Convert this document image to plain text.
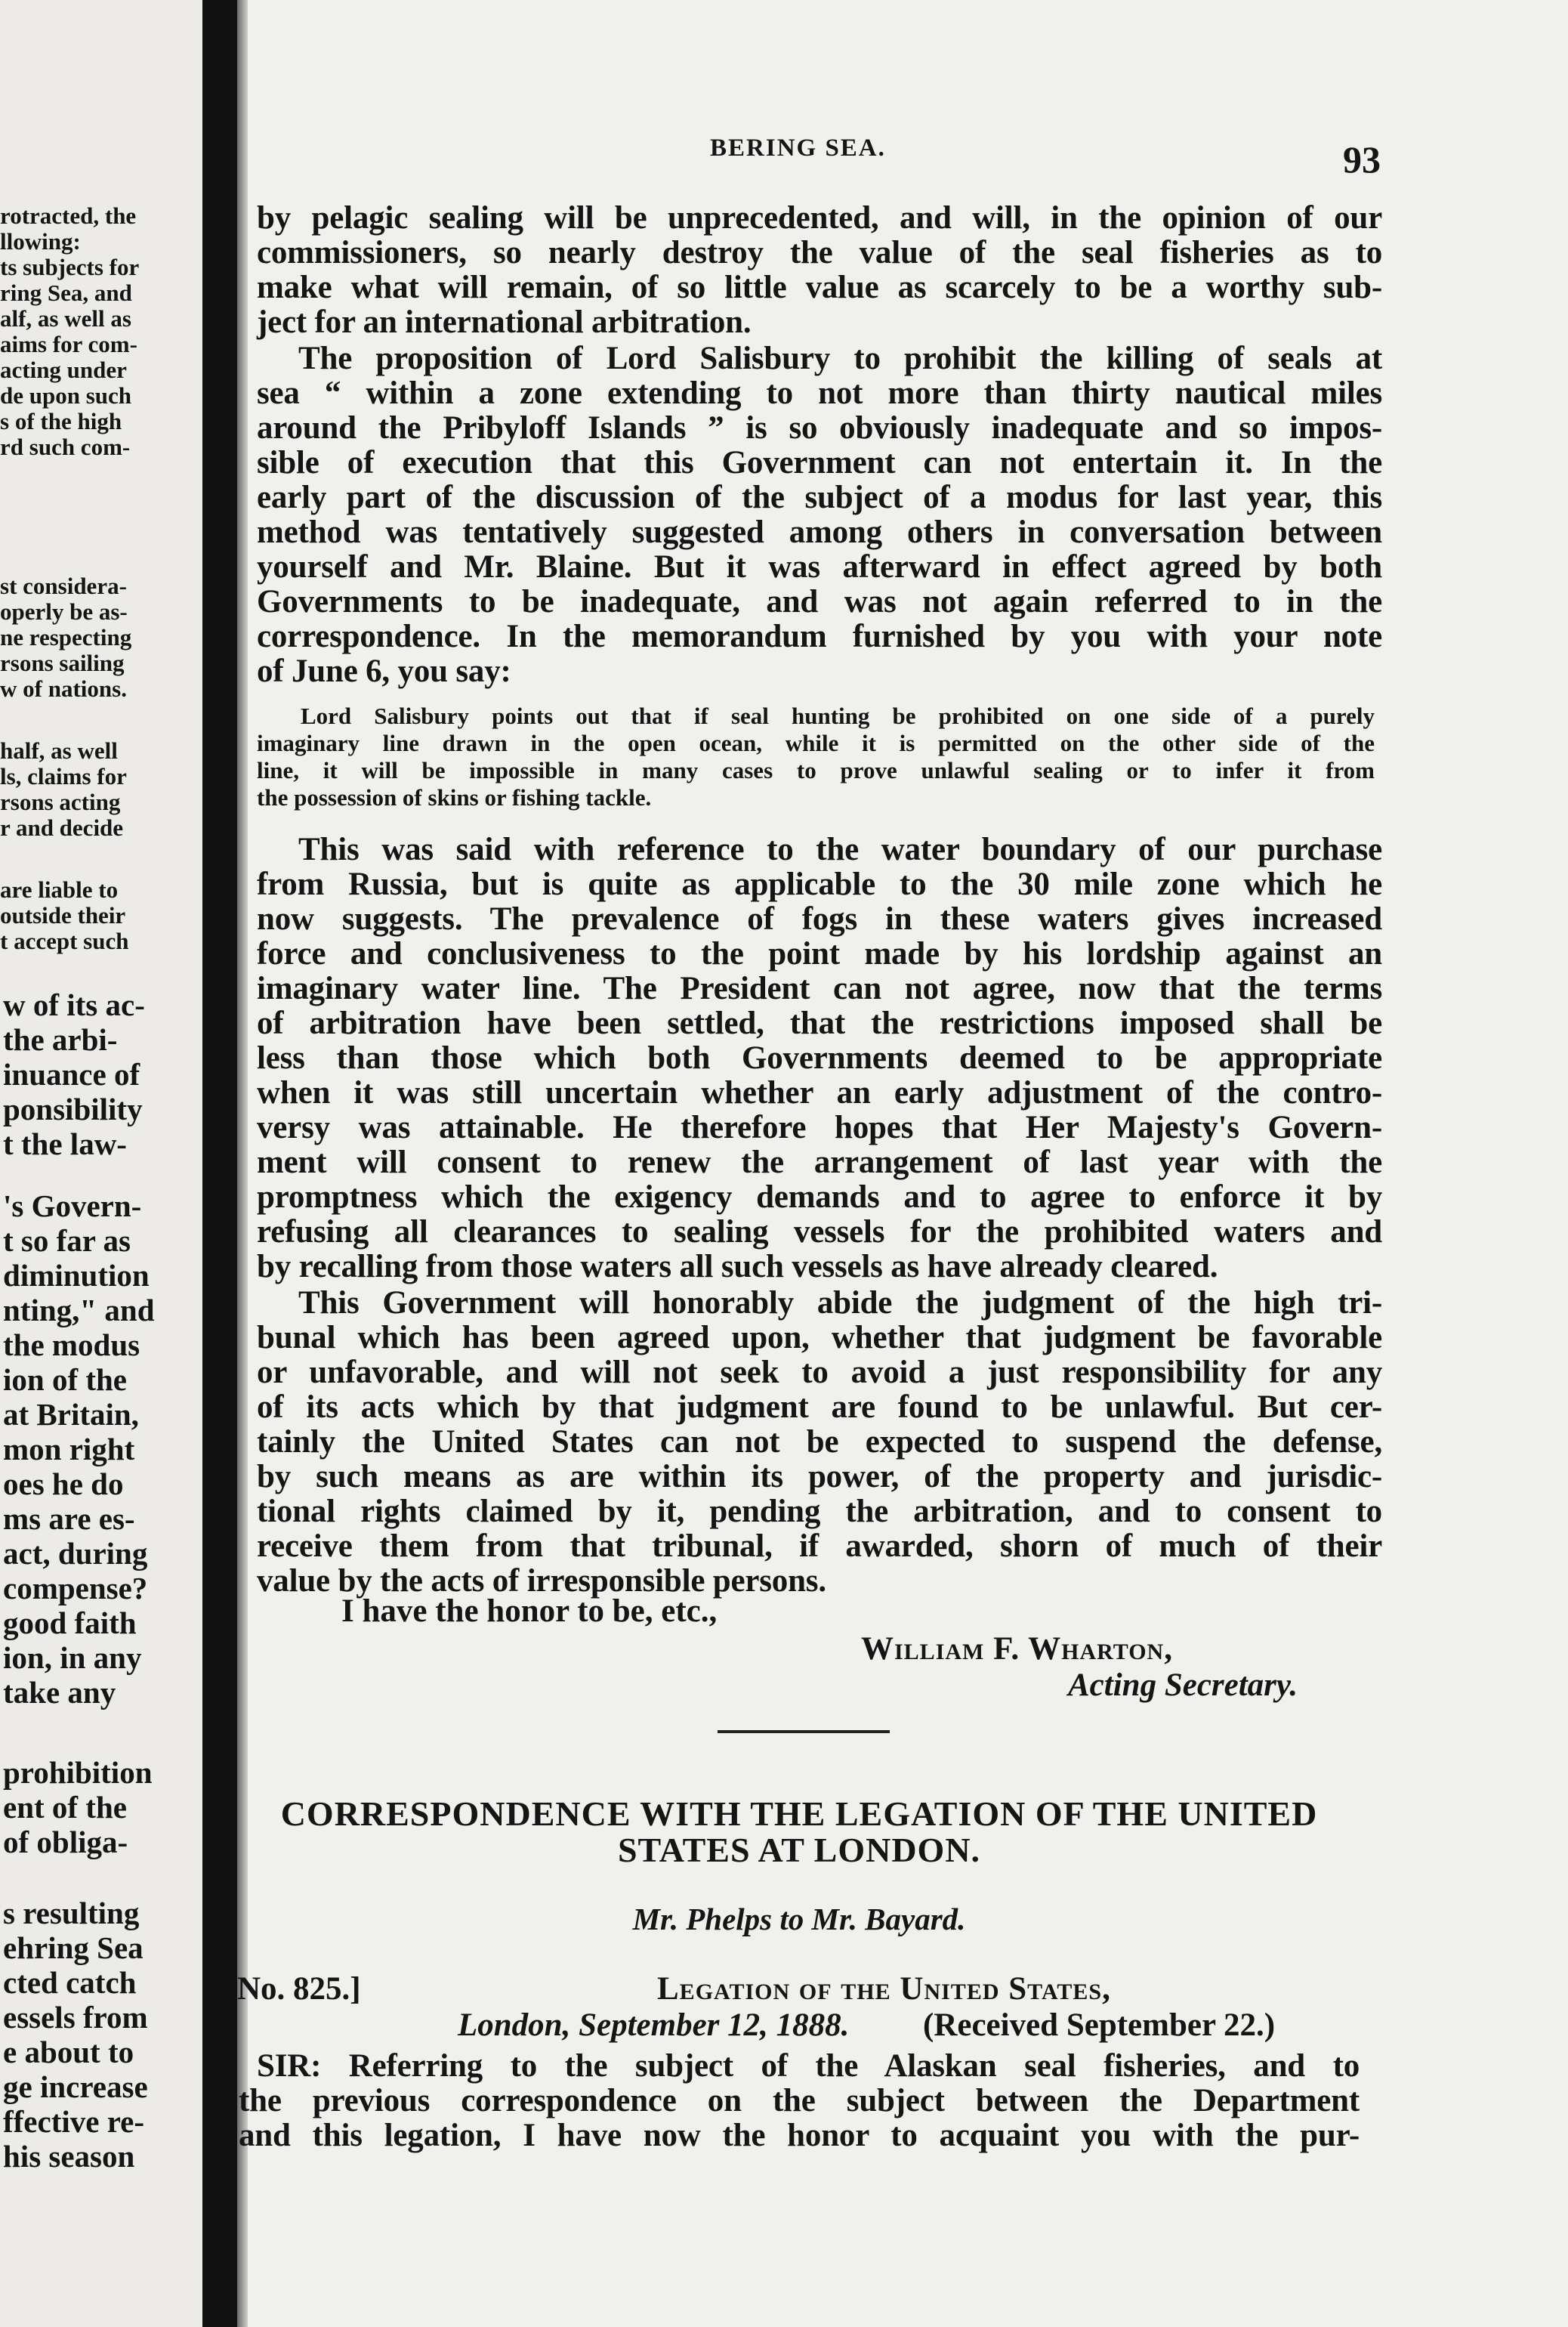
rotracted, the
llowing:
ts subjects for
ring Sea, and
alf, as well as
aims for com-
acting under
de upon such
s of the high
rd such com-
st considera-
operly be as-
ne respecting
rsons sailing
w of nations.
half, as well
ls, claims for
rsons acting
r and decide
are liable to
outside their
t accept such
w of its ac-
the arbi-
inuance of
ponsibility
t the law-
's Govern-
t so far as
diminution
nting," and
the modus
ion of the
at Britain,
mon right
oes he do
ms are es-
act, during
compense?
good faith
ion, in any
take any
prohibition
ent of the
of obliga-
s resulting
ehring Sea
cted catch
essels from
e about to
ge increase
ffective re-
his season
BERING SEA.	93
by pelagic sealing will be unprecedented, and will, in the opinion of our
commissioners, so nearly destroy the value of the seal fisheries as to
make what will remain, of so little value as scarcely to be a worthy sub-
ject for an international arbitration.
The proposition of Lord Salisbury to prohibit the killing of seals at
sea “ within a zone extending to not more than thirty nautical miles
around the Pribyloff Islands ” is so obviously inadequate and so impos-
sible of execution that this Government can not entertain it. In the
early part of the discussion of the subject of a modus for last year, this
method was tentatively suggested among others in conversation between
yourself and Mr. Blaine. But it was afterward in effect agreed by both
Governments to be inadequate, and was not again referred to in the
correspondence. In the memorandum furnished by you with your note
of June 6, you say:
Lord Salisbury points out that if seal hunting be prohibited on one side of a purely
imaginary line drawn in the open ocean, while it is permitted on the other side of the
line, it will be impossible in many cases to prove unlawful sealing or to infer it from
the possession of skins or fishing tackle.
This was said with reference to the water boundary of our purchase
from Russia, but is quite as applicable to the 30 mile zone which he
now suggests. The prevalence of fogs in these waters gives increased
force and conclusiveness to the point made by his lordship against an
imaginary water line. The President can not agree, now that the terms
of arbitration have been settled, that the restrictions imposed shall be
less than those which both Governments deemed to be appropriate
when it was still uncertain whether an early adjustment of the contro-
versy was attainable. He therefore hopes that Her Majesty's Govern-
ment will consent to renew the arrangement of last year with the
promptness which the exigency demands and to agree to enforce it by
refusing all clearances to sealing vessels for the prohibited waters and
by recalling from those waters all such vessels as have already cleared.
This Government will honorably abide the judgment of the high tri-
bunal which has been agreed upon, whether that judgment be favorable
or unfavorable, and will not seek to avoid a just responsibility for any
of its acts which by that judgment are found to be unlawful. But cer-
tainly the United States can not be expected to suspend the defense,
by such means as are within its power, of the property and jurisdic-
tional rights claimed by it, pending the arbitration, and to consent to
receive them from that tribunal, if awarded, shorn of much of their
value by the acts of irresponsible persons.
I have the honor to be, etc.,
William F. Wharton,
Acting Secretary.
CORRESPONDENCE WITH THE LEGATION OF THE UNITED
STATES AT LONDON.
Mr. Phelps to Mr. Bayard.
No. 825.]	Legation of the United States,
London, September 12, 1888. (Received September 22.)
SIR: Referring to the subject of the Alaskan seal fisheries, and to
the previous correspondence on the subject between the Department
and this legation, I have now the honor to acquaint you with the pur-
